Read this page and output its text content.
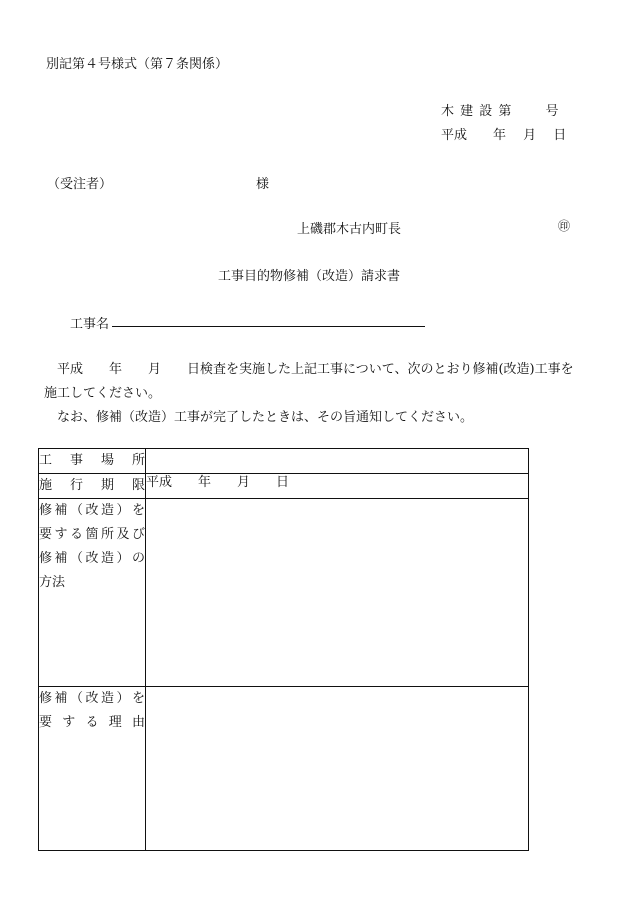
別記第４号様式（第７条関係）
木 建 設 第　　 号
平成　　年　 月　 日
（受注者）	様
上磯郡木古内町長	㊞
工事目的物修補（改造）請求書
工事名

　平成　　年　　月　　日検査を実施した上記工事について、次のとおり修補(改造)工事を施工してください。

　なお、修補（改造）工事が完了したときは、その旨通知してください。

工事場所	

施行期限	平成　　年　　月　　日

修補（改造）を
要する箇所及び
修補（改造）の
方法	

修補（改造）を
要する理由	
